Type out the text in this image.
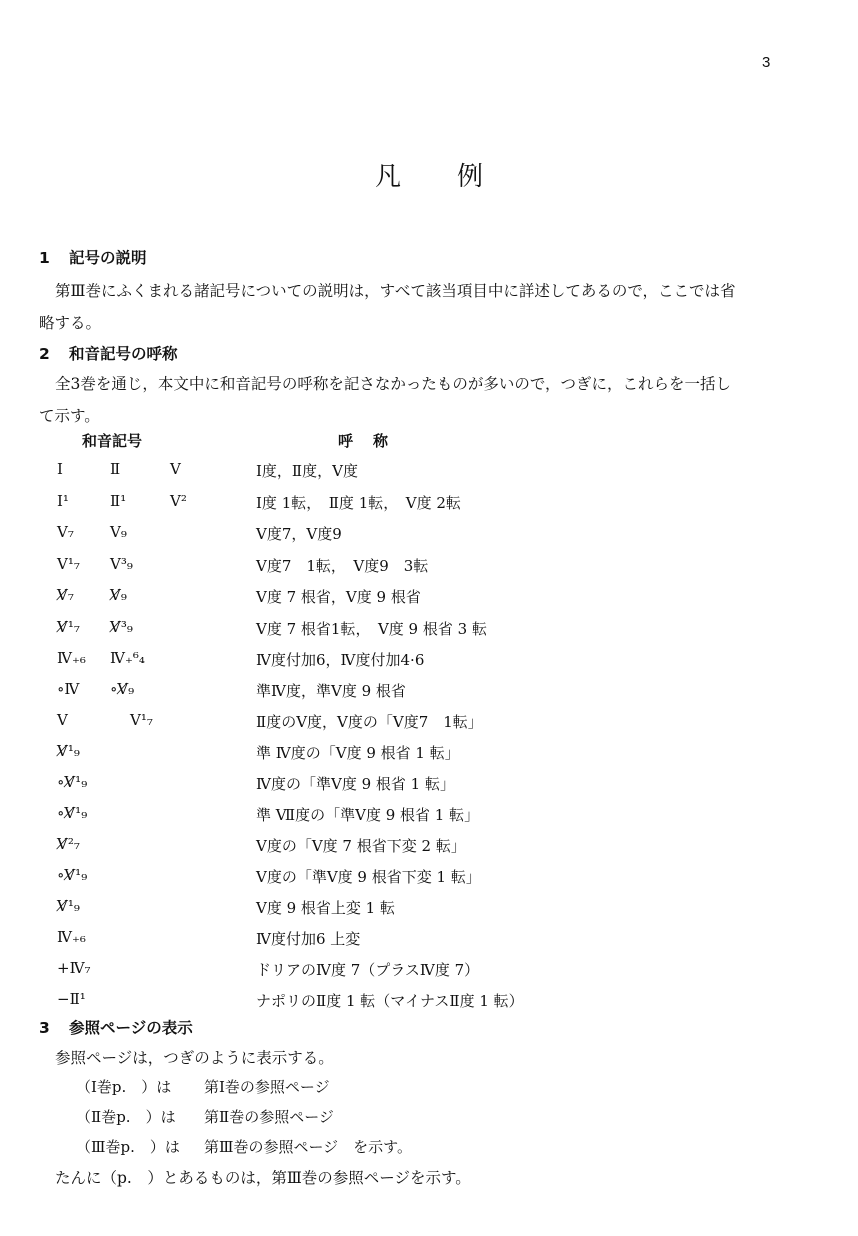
3
凡例
1 記号の説明
第Ⅲ巻にふくまれる諸記号についての説明は，すべて該当項目中に詳述してあるので，ここでは省
略する。
2 和音記号の呼称
全3巻を通じ，本文中に和音記号の呼称を記さなかったものが多いので，つぎに，これらを一括し
て示す。
和音記号	呼称
Ⅰ	Ⅱ	Ⅴ	Ⅰ度，Ⅱ度，Ⅴ度
Ⅰ¹	Ⅱ¹	Ⅴ²	Ⅰ度 1転，　Ⅱ度 1転，　Ⅴ度 2転
Ⅴ₇ Ⅴ₉	Ⅴ度7，Ⅴ度9
Ⅴ¹₇ Ⅴ³₉	Ⅴ度7　1転，　Ⅴ度9　3転
Ⅴ̸₇ Ⅴ̸₉	Ⅴ度 7 根省，Ⅴ度 9 根省
Ⅴ̸¹₇ Ⅴ̸³₉	Ⅴ度 7 根省1転，　Ⅴ度 9 根省 3 転
Ⅳ₊₆ Ⅳ₊⁶₄	Ⅳ度付加6，Ⅳ度付加4·6
∘Ⅳ ∘Ⅴ̸₉	準Ⅳ度，準Ⅴ度 9 根省
Ⅴ	Ⅴ¹₇	Ⅱ度のⅤ度，Ⅴ度の「Ⅴ度7　1転」
Ⅴ̸¹₉	準 Ⅳ度の「Ⅴ度 9 根省 1 転」
∘Ⅴ̸¹₉	Ⅳ度の「準Ⅴ度 9 根省 1 転」
∘Ⅴ̸¹₉	準 Ⅶ度の「準Ⅴ度 9 根省 1 転」
Ⅴ̸²₇	Ⅴ度の「Ⅴ度 7 根省下変 2 転」
∘Ⅴ̸¹₉	Ⅴ度の「準Ⅴ度 9 根省下変 1 転」
Ⅴ̸¹₉	Ⅴ度 9 根省上変 1 転
Ⅳ₊₆	Ⅳ度付加6 上変
+Ⅳ₇	ドリアのⅣ度 7（プラスⅣ度 7）
−Ⅱ¹	ナポリのⅡ度 1 転（マイナスⅡ度 1 転）
3 参照ページの表示
参照ページは，つぎのように表示する。
（Ⅰ巻p.　）は 第Ⅰ巻の参照ページ
（Ⅱ巻p.　）は 第Ⅱ巻の参照ページ
（Ⅲ巻p.　）は 第Ⅲ巻の参照ページ　を示す。
たんに（p.　）とあるものは，第Ⅲ巻の参照ページを示す。
